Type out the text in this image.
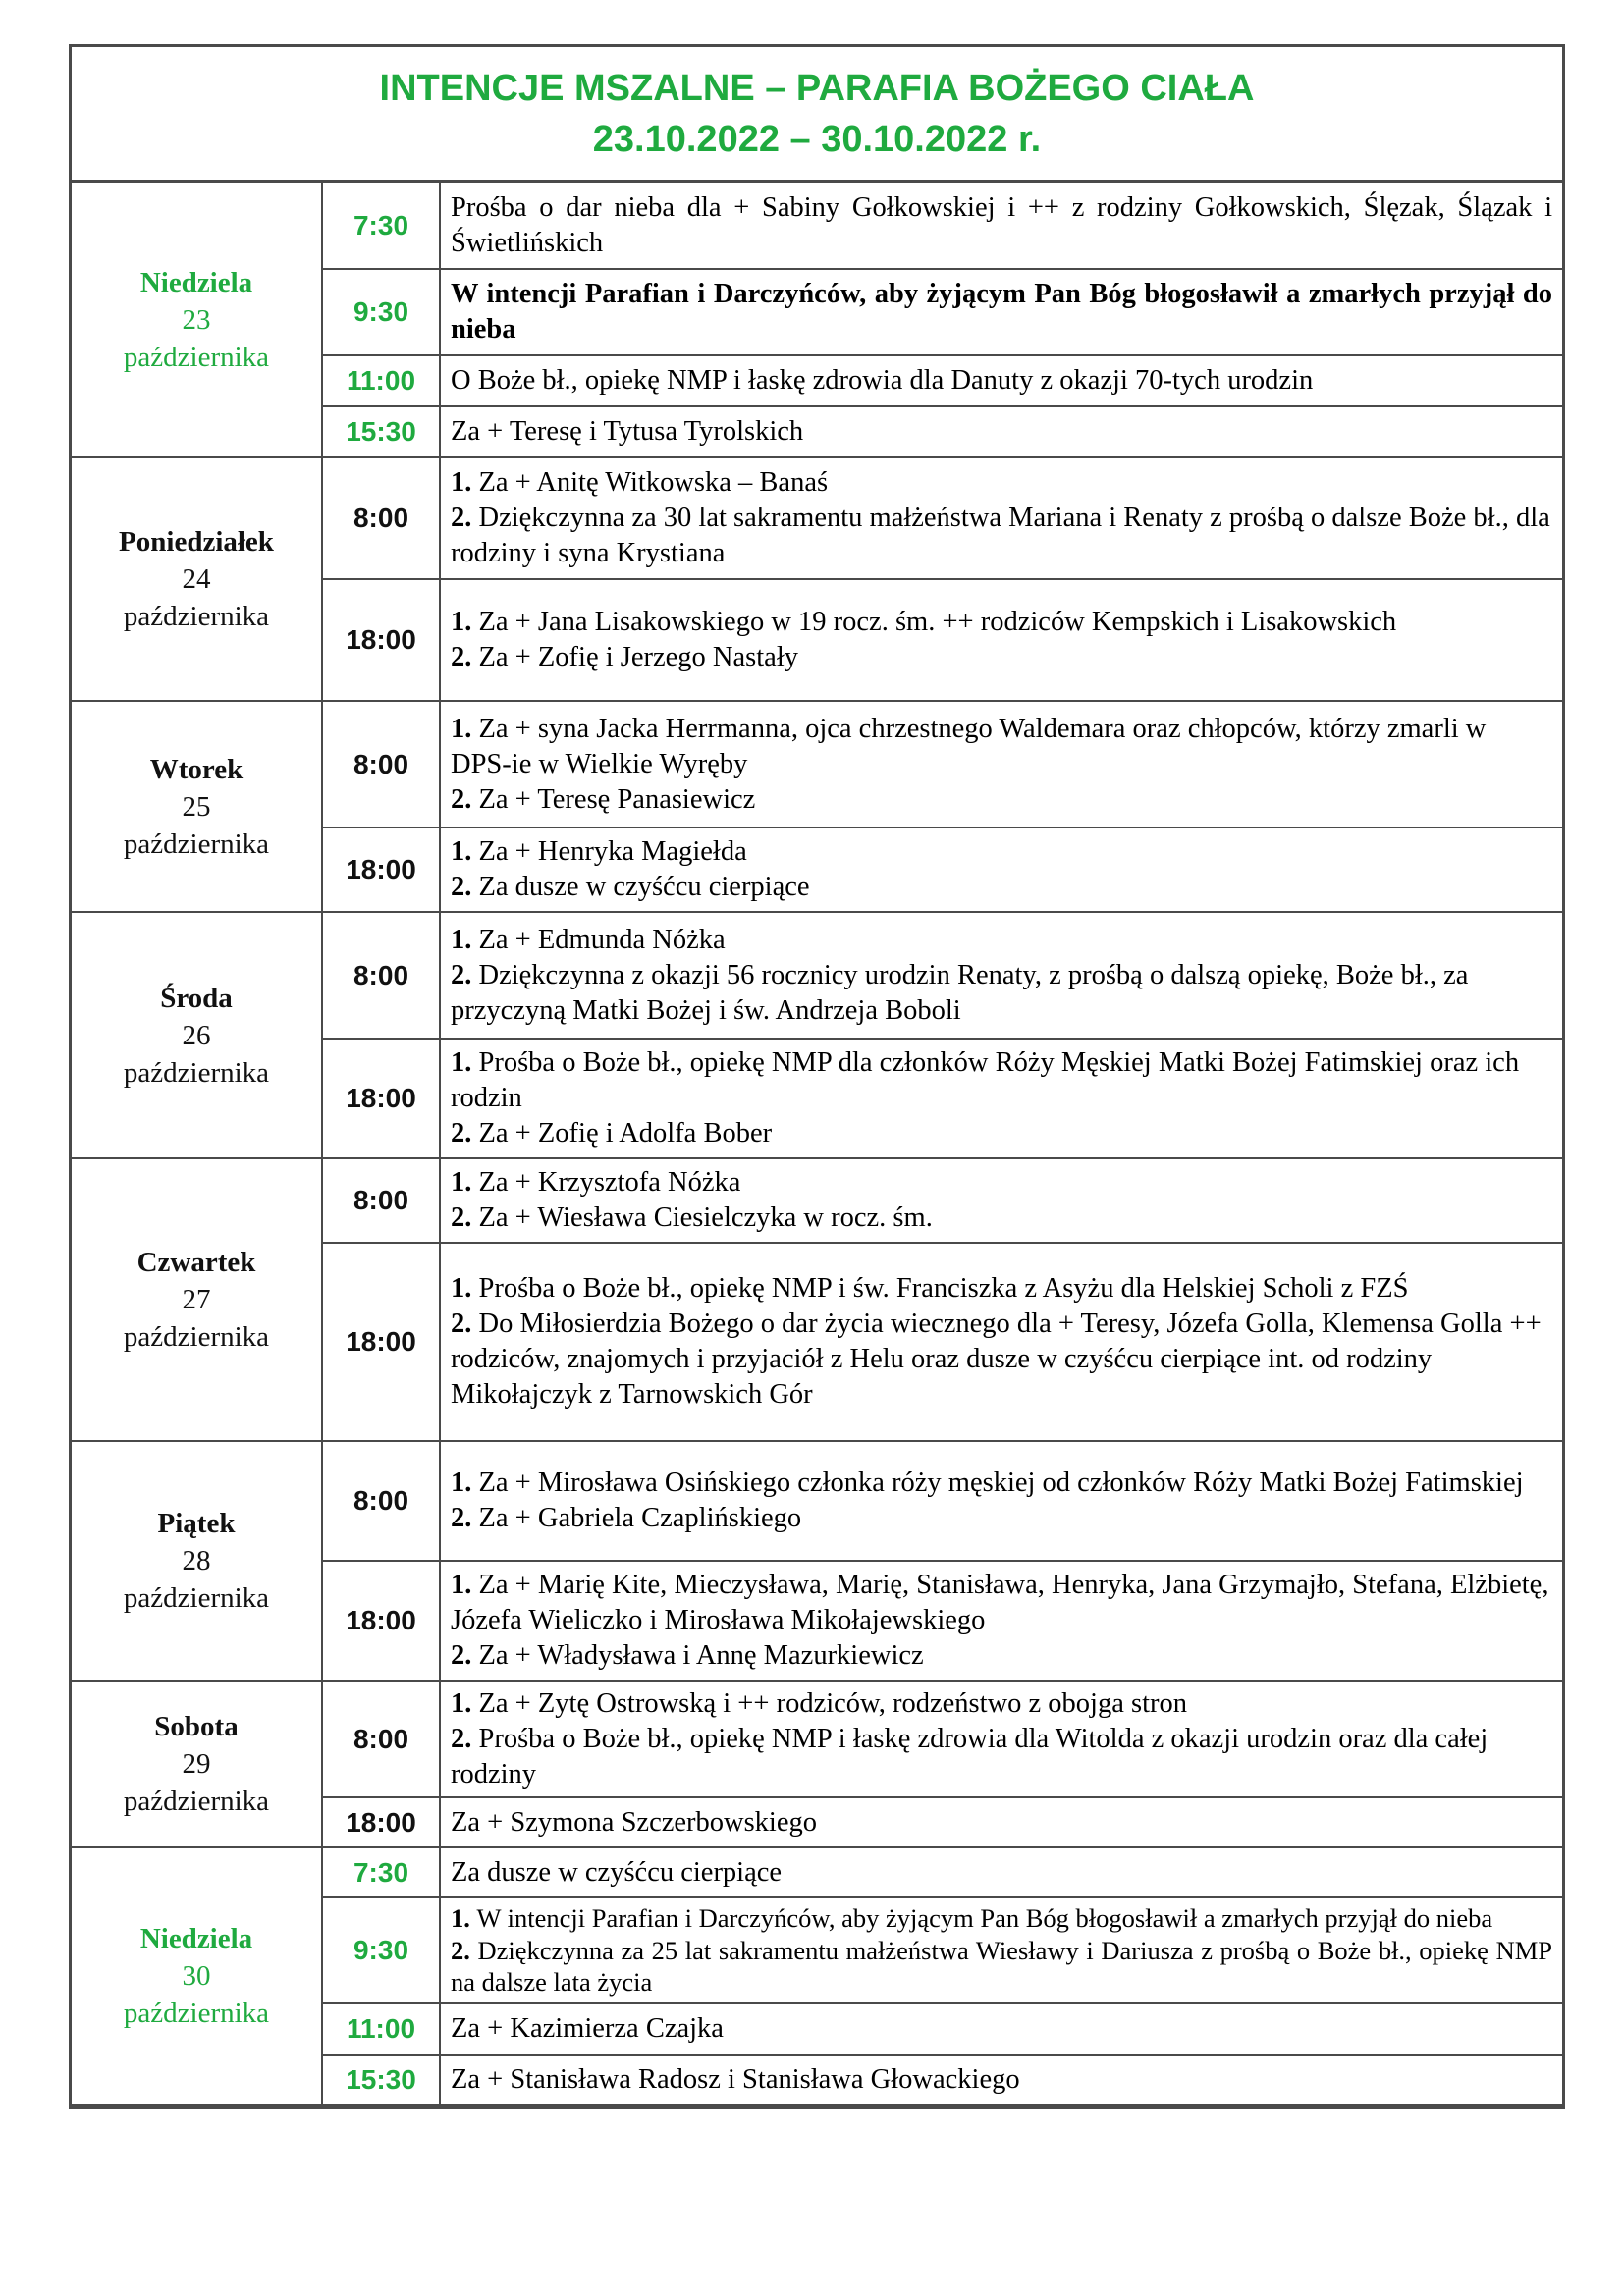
INTENCJE MSZALNE – PARAFIA BOŻEGO CIAŁA
23.10.2022 – 30.10.2022 r.
Niedziela
23
października	7:30	Prośba o dar nieba dla + Sabiny Gołkowskiej i ++ z rodziny Gołkowskich, Ślęzak, Ślązak i Świetlińskich
	9:30	W intencji Parafian i Darczyńców, aby żyjącym Pan Bóg błogosławił a zmarłych przyjął do nieba
	11:00	O Boże bł., opiekę NMP i łaskę zdrowia dla Danuty z okazji 70-tych urodzin
	15:30	Za + Teresę i Tytusa Tyrolskich

Poniedziałek
24
października	8:00	1. Za + Anitę Witkowska – Banaś
2. Dziękczynna za 30 lat sakramentu małżeństwa Mariana i Renaty z prośbą o dalsze Boże bł., dla rodziny i syna Krystiana

	18:00	1. Za + Jana Lisakowskiego w 19 rocz. śm. ++ rodziców Kempskich i Lisakowskich
2. Za + Zofię i Jerzego Nastały

Wtorek
25
października	8:00	1. Za + syna Jacka Herrmanna, ojca chrzestnego Waldemara oraz chłopców, którzy zmarli w DPS-ie w Wielkie Wyręby
2. Za + Teresę Panasiewicz

	18:00	1. Za + Henryka Magiełda
2. Za dusze w czyśćcu cierpiące

Środa
26
października	8:00	1. Za + Edmunda Nóżka
2. Dziękczynna z okazji 56 rocznicy urodzin Renaty, z prośbą o dalszą opiekę, Boże bł., za przyczyną Matki Bożej i św. Andrzeja Boboli

	18:00	1. Prośba o Boże bł., opiekę NMP dla członków Róży Męskiej Matki Bożej Fatimskiej oraz ich rodzin
2. Za + Zofię i Adolfa Bober

Czwartek
27
października	8:00	1. Za + Krzysztofa Nóżka
2. Za + Wiesława Ciesielczyka w rocz. śm.

	18:00	1. Prośba o Boże bł., opiekę NMP i św. Franciszka z Asyżu dla Helskiej Scholi z FZŚ
2. Do Miłosierdzia Bożego o dar życia wiecznego dla + Teresy, Józefa Golla, Klemensa Golla ++ rodziców, znajomych i przyjaciół z Helu oraz dusze w czyśćcu cierpiące int. od rodziny Mikołajczyk z Tarnowskich Gór

Piątek
28
października	8:00	1. Za + Mirosława Osińskiego członka róży męskiej od członków Róży Matki Bożej Fatimskiej
2. Za + Gabriela Czaplińskiego

	18:00	1. Za + Marię Kite, Mieczysława, Marię, Stanisława, Henryka, Jana Grzymajło, Stefana, Elżbietę, Józefa Wieliczko i Mirosława Mikołajewskiego
2. Za + Władysława i Annę Mazurkiewicz

Sobota
29
października	8:00	1. Za + Zytę Ostrowską i ++ rodziców, rodzeństwo z obojga stron
2. Prośba o Boże bł., opiekę NMP i łaskę zdrowia dla Witolda z okazji urodzin oraz dla całej rodziny

	18:00	Za + Szymona Szczerbowskiego

Niedziela
30
października	7:30	Za dusze w czyśćcu cierpiące
	9:30	1. W intencji Parafian i Darczyńców, aby żyjącym Pan Bóg błogosławił a zmarłych przyjął do nieba
2. Dziękczynna za 25 lat sakramentu małżeństwa Wiesławy i Dariusza z prośbą o Boże bł., opiekę NMP na dalsze lata życia

	11:00	Za + Kazimierza Czajka
	15:30	Za + Stanisława Radosz i Stanisława Głowackiego
